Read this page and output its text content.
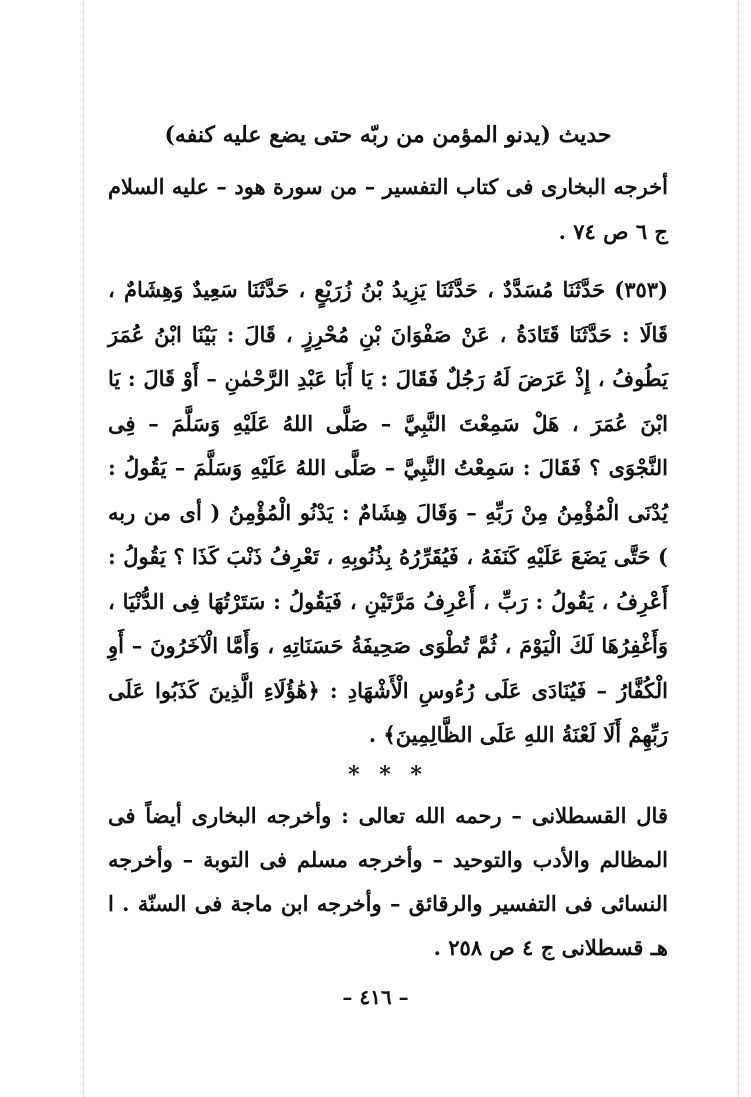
حديث (يدنو المؤمن من ربّه حتى يضع عليه كنفه)

أخرجه البخارى فى كتاب التفسير – من سورة هود – عليه السلام ج ٦ ص ٧٤ .

(٣٥٣) حَدَّثَنَا مُسَدَّدٌ ، حَدَّثَنَا يَزِيدُ بْنُ زُرَيْعٍ ، حَدَّثَنَا سَعِيدٌ وَهِشَامٌ ، قَالَا : حَدَّثَنَا قَتَادَةُ ، عَنْ صَفْوَانَ بْنِ مُحْرِزٍ ، قَالَ : بَيْنَا ابْنُ عُمَرَ يَطُوفُ ، إِذْ عَرَضَ لَهُ رَجُلٌ فَقَالَ : يَا أَبَا عَبْدِ الرَّحْمٰنِ – أَوْ قَالَ : يَا ابْنَ عُمَرَ ، هَلْ سَمِعْتَ النَّبِيَّ – صَلَّى اللهُ عَلَيْهِ وَسَلَّمَ – فِى النَّجْوَى ؟ فَقَالَ : سَمِعْتُ النَّبِيَّ – صَلَّى اللهُ عَلَيْهِ وَسَلَّمَ – يَقُولُ : يُدْنَى الْمُؤْمِنُ مِنْ رَبِّهِ – وَقَالَ هِشَامٌ : يَدْنُو الْمُؤْمِنُ ( أى من ربه ) حَتَّى يَضَعَ عَلَيْهِ كَنَفَهُ ، فَيُقَرِّرُهُ بِذُنُوبِهِ ، تَعْرِفُ ذَنْبَ كَذَا ؟ يَقُولُ : أَعْرِفُ ، يَقُولُ : رَبِّ ، أَعْرِفُ مَرَّتَيْنِ ، فَيَقُولُ : سَتَرْتُهَا فِى الدُّنْيَا ، وَأَغْفِرُهَا لَكَ الْيَوْمَ ، ثُمَّ تُطْوَى صَحِيفَةُ حَسَنَاتِهِ ، وَأَمَّا الْآخَرُونَ – أَوِ الْكُفَّارُ – فَيُنَادَى عَلَى رُءُوسِ الْأَشْهَادِ : ﴿هَٰؤُلَاءِ الَّذِينَ كَذَبُوا عَلَى رَبِّهِمْ أَلَا لَعْنَةُ اللهِ عَلَى الظَّالِمِينَ﴾ .

* * *

قال القسطلانى – رحمه الله تعالى : وأخرجه البخارى أيضاً فى المظالم والأدب والتوحيد – وأخرجه مسلم فى التوبة – وأخرجه النسائى فى التفسير والرقائق – وأخرجه ابن ماجة فى السنّة . ا هـ قسطلانى ج ٤ ص ٢٥٨ .

– ٤١٦ –
